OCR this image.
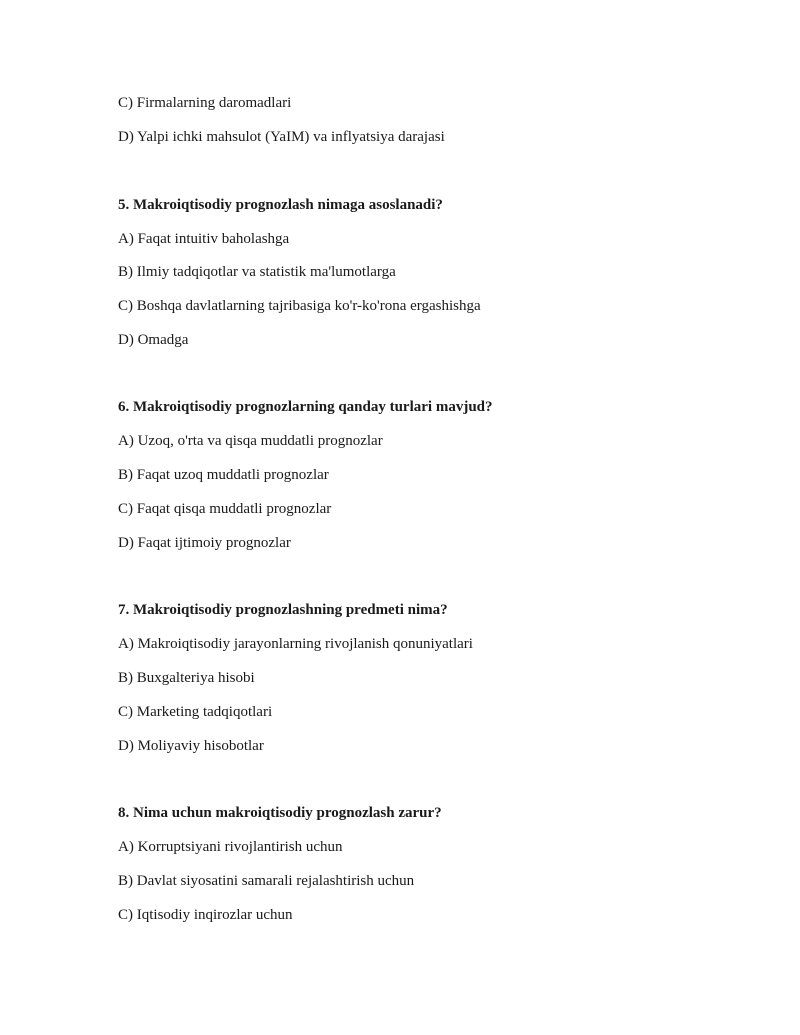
C) Firmalarning daromadlari
D) Yalpi ichki mahsulot (YaIM) va inflyatsiya darajasi
5. Makroiqtisodiy prognozlash nimaga asoslanadi?
A) Faqat intuitiv baholashga
B) Ilmiy tadqiqotlar va statistik ma'lumotlarga
C) Boshqa davlatlarning tajribasiga ko'r-ko'rona ergashishga
D) Omadga
6. Makroiqtisodiy prognozlarning qanday turlari mavjud?
A) Uzoq, o'rta va qisqa muddatli prognozlar
B) Faqat uzoq muddatli prognozlar
C) Faqat qisqa muddatli prognozlar
D) Faqat ijtimoiy prognozlar
7. Makroiqtisodiy prognozlashning predmeti nima?
A) Makroiqtisodiy jarayonlarning rivojlanish qonuniyatlari
B) Buxgalteriya hisobi
C) Marketing tadqiqotlari
D) Moliyaviy hisobotlar
8. Nima uchun makroiqtisodiy prognozlash zarur?
A) Korruptsiyani rivojlantirish uchun
B) Davlat siyosatini samarali rejalashtirish uchun
C) Iqtisodiy inqirozlar uchun
